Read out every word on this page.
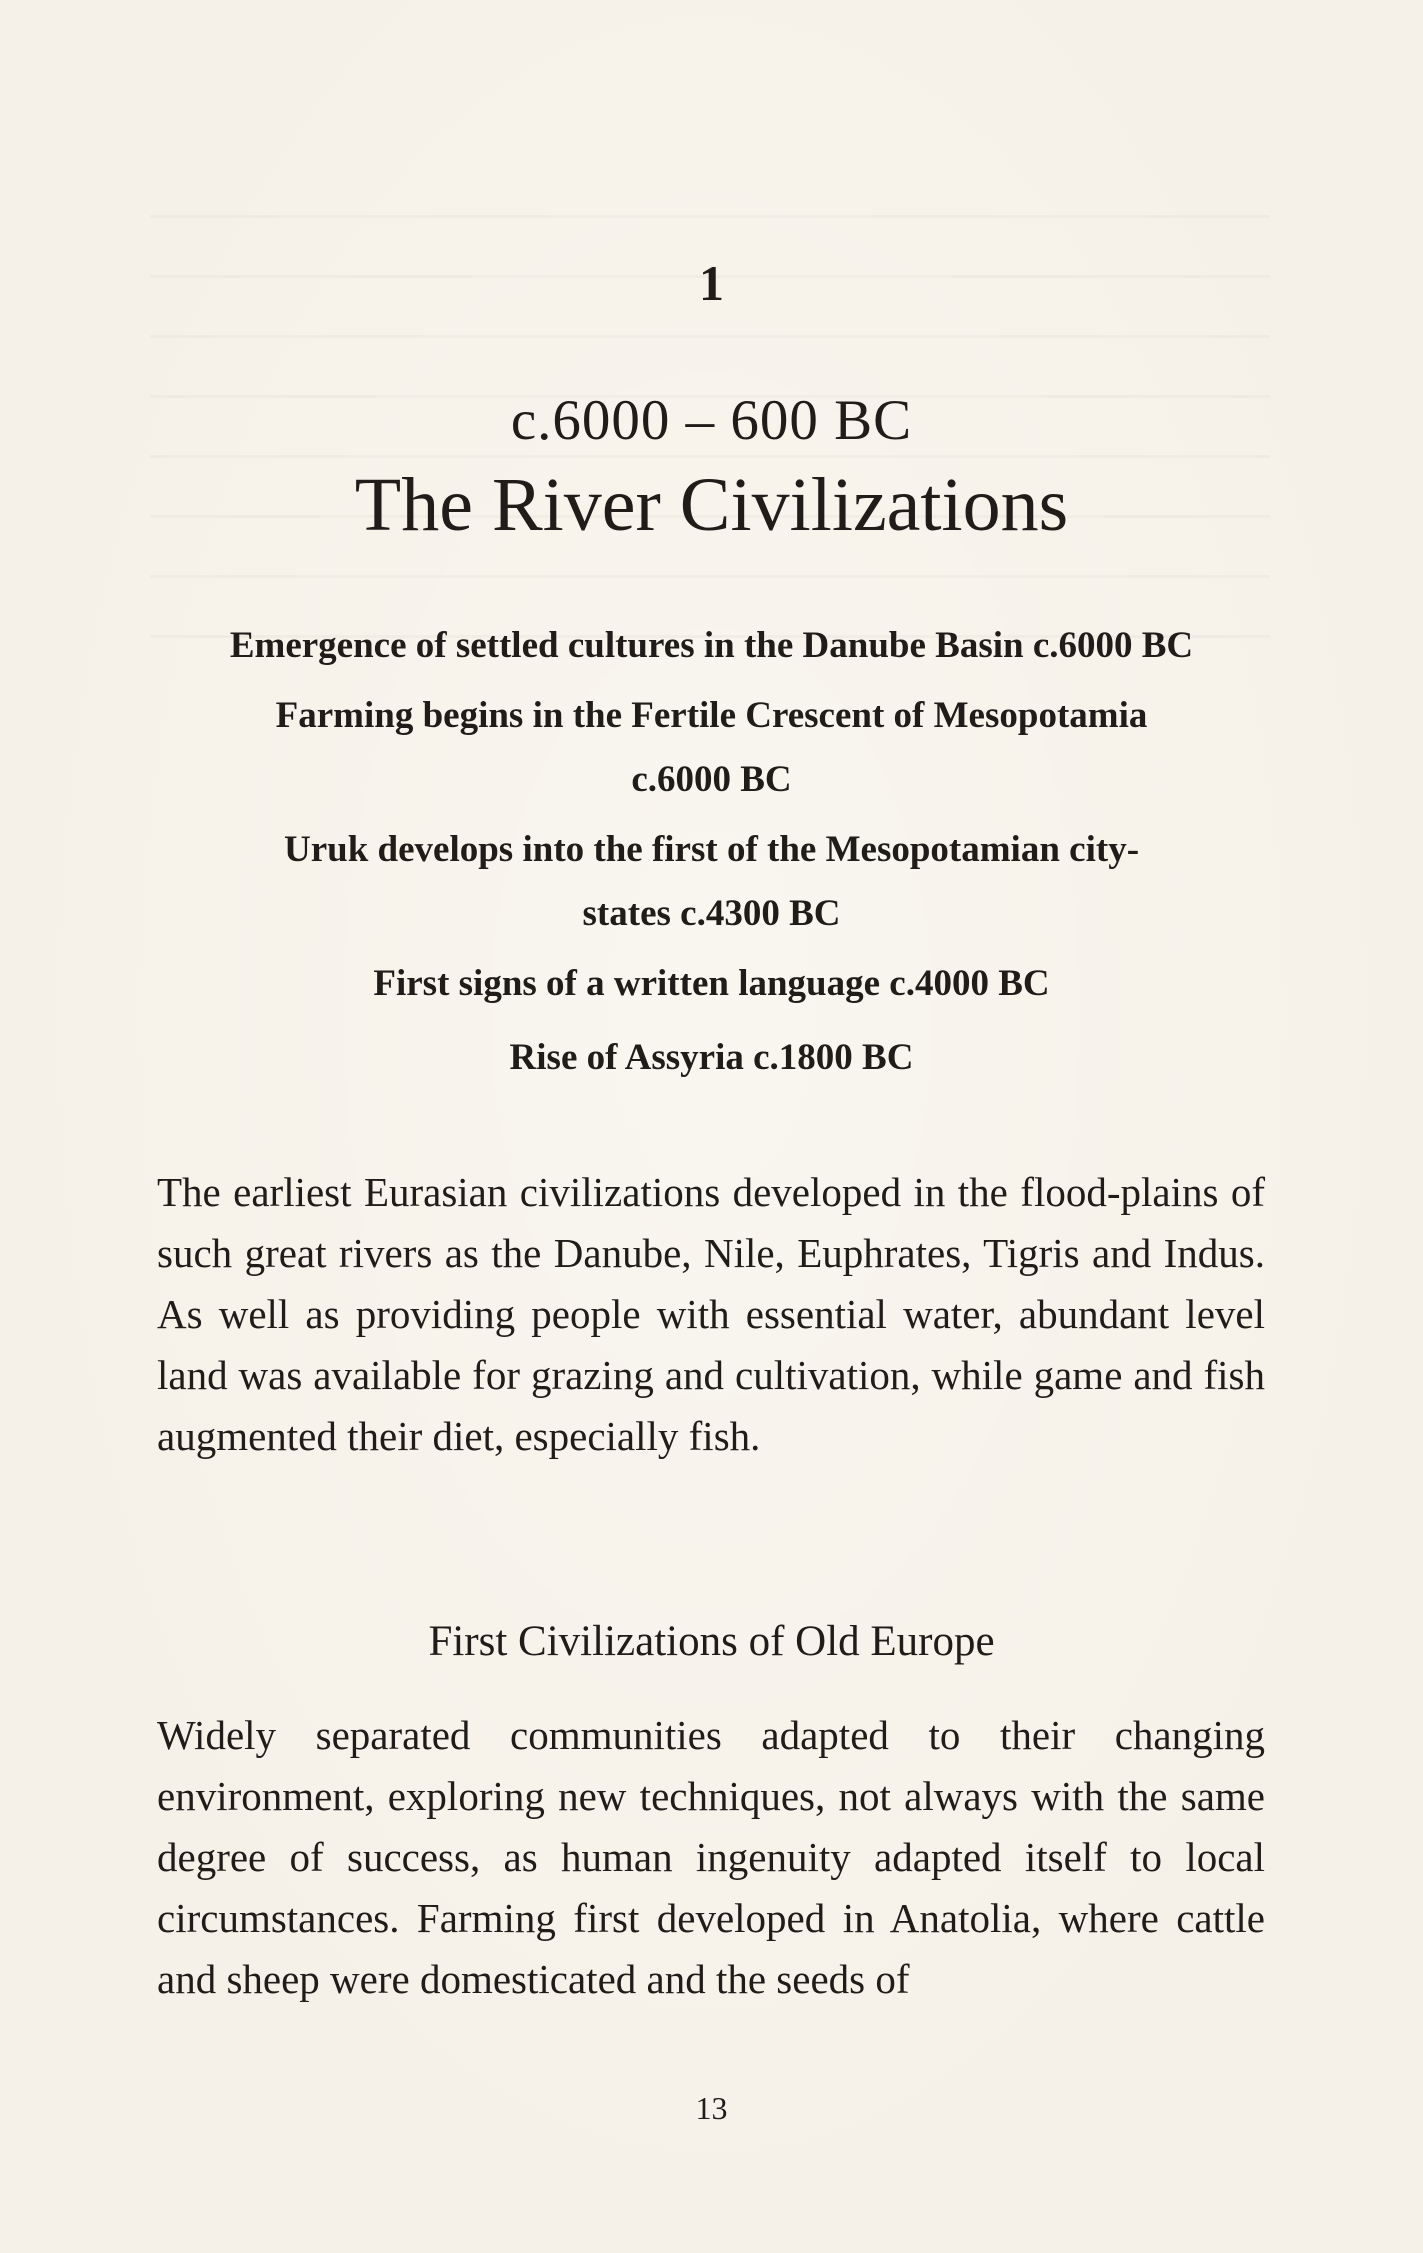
1
c.6000 – 600 BC
The River Civilizations
Emergence of settled cultures in the Danube Basin c.6000 BC
Farming begins in the Fertile Crescent of Mesopotamia c.6000 BC
Uruk develops into the first of the Mesopotamian city-states c.4300 BC
First signs of a written language c.4000 BC
Rise of Assyria c.1800 BC

The earliest Eurasian civilizations developed in the flood-plains of such great rivers as the Danube, Nile, Euphrates, Tigris and Indus. As well as providing people with essential water, abundant level land was available for grazing and cultivation, while game and fish augmented their diet, especially fish.

First Civilizations of Old Europe

Widely separated communities adapted to their changing environment, exploring new techniques, not always with the same degree of success, as human ingenuity adapted itself to local circumstances. Farming first developed in Anatolia, where cattle and sheep were domesticated and the seeds of

13
